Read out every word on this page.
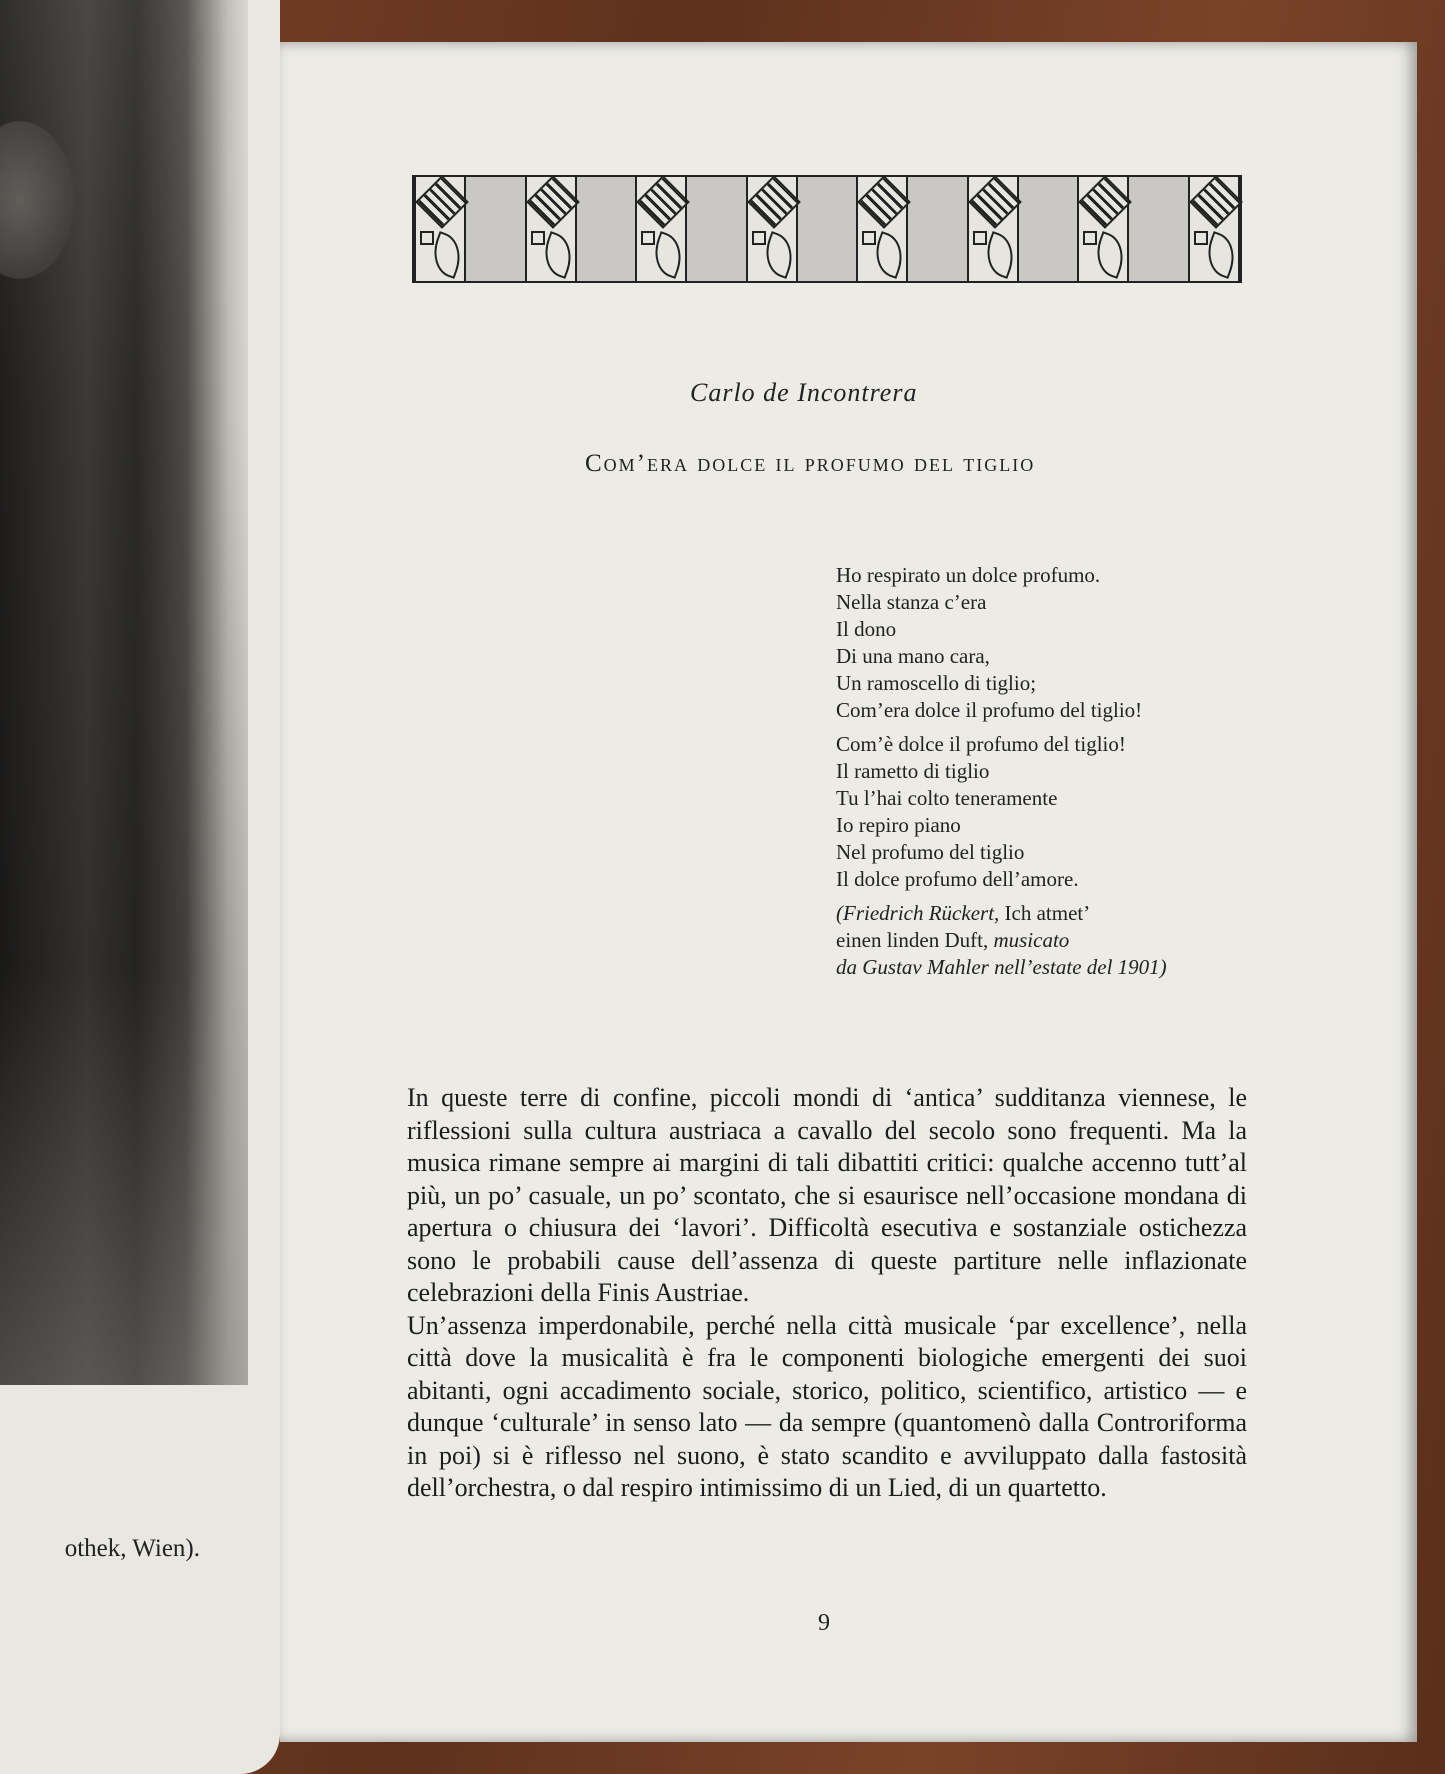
othek, Wien).
Carlo de Incontrera
Com’era dolce il profumo del tiglio
Ho respirato un dolce profumo.
Nella stanza c’era
Il dono
Di una mano cara,
Un ramoscello di tiglio;
Com’era dolce il profumo del tiglio!
Com’è dolce il profumo del tiglio!
Il rametto di tiglio
Tu l’hai colto teneramente
Io repiro piano
Nel profumo del tiglio
Il dolce profumo dell’amore.
(Friedrich Rückert, Ich atmet’
einen linden Duft, musicato
da Gustav Mahler nell’estate del 1901)

In queste terre di confine, piccoli mondi di ‘antica’ sudditanza viennese, le riflessioni sulla cultura austriaca a cavallo del secolo sono frequenti. Ma la musica rimane sempre ai margini di tali dibattiti critici: qualche accenno tutt’al più, un po’ casuale, un po’ scontato, che si esaurisce nell’occasione mondana di apertura o chiusura dei ‘lavori’. Difficoltà esecutiva e sostanziale ostichezza sono le probabili cause dell’assenza di queste partiture nelle inflazionate celebrazioni della Finis Austriae.

Un’assenza imperdonabile, perché nella città musicale ‘par excellence’, nella città dove la musicalità è fra le componenti biologiche emergenti dei suoi abitanti, ogni accadimento sociale, storico, politico, scientifico, artistico — e dunque ‘culturale’ in senso lato — da sempre (quantomenò dalla Controriforma in poi) si è riflesso nel suono, è stato scandito e avviluppato dalla fastosità dell’orchestra, o dal respiro intimissimo di un Lied, di un quartetto.

9
